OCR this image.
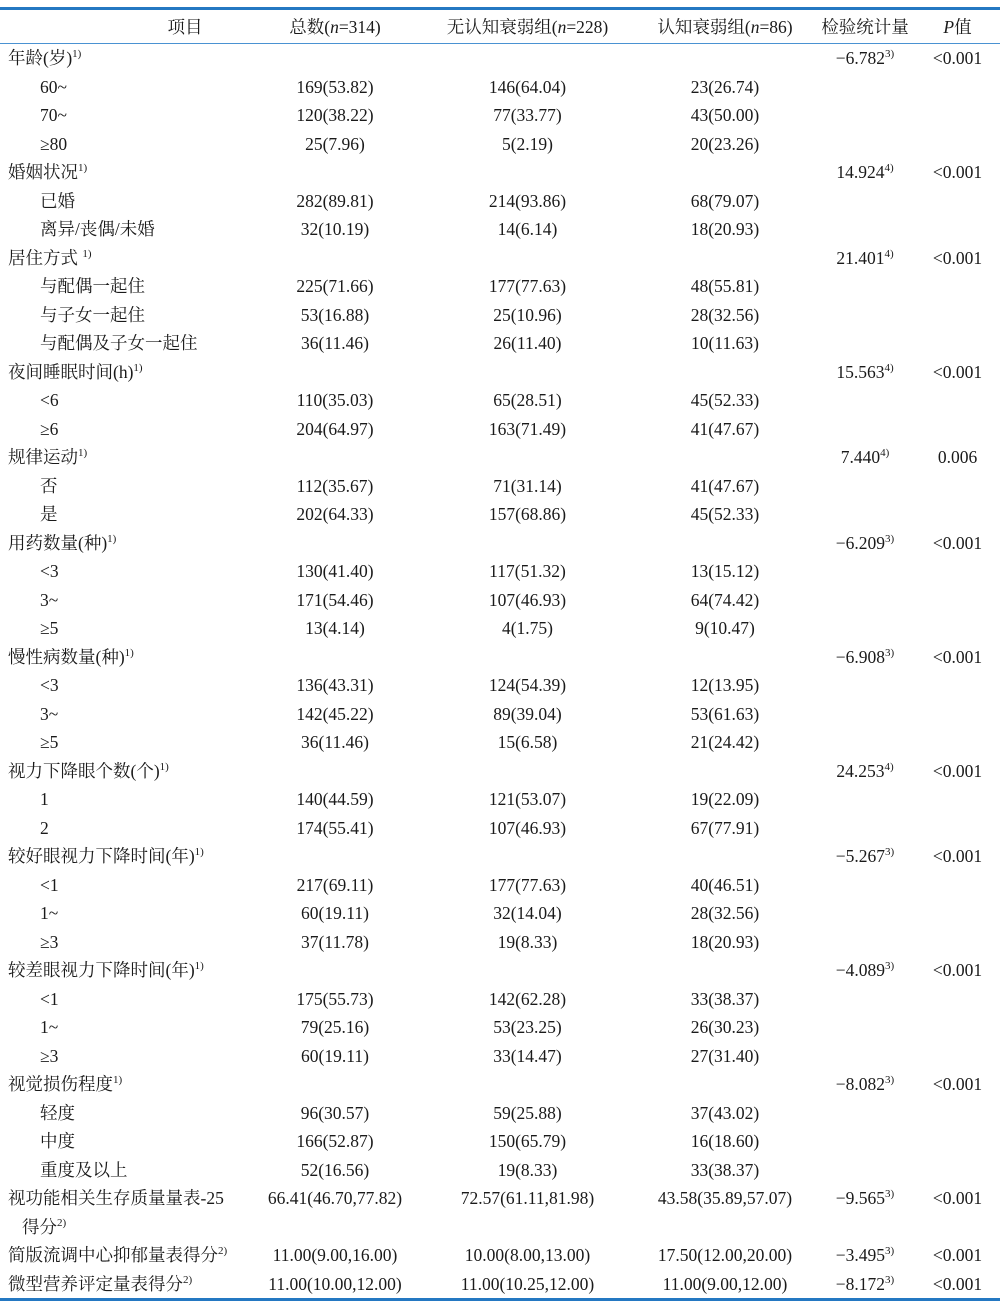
项目	总数(n=314)	无认知衰弱组(n=228)	认知衰弱组(n=86)	检验统计量	P值
年龄(岁)$^{1)}$				$-6.782^{3)}$	<0.001
60~	169(53.82)	146(64.04)	23(26.74)		
70~	120(38.22)	77(33.77)	43(50.00)		
≥80	25(7.96)	5(2.19)	20(23.26)		
婚姻状况$^{1)}$				$14.924^{4)}$	<0.001
已婚	282(89.81)	214(93.86)	68(79.07)		
离异/丧偶/未婚	32(10.19)	14(6.14)	18(20.93)		
居住方式 $^{1)}$				$21.401^{4)}$	<0.001
与配偶一起住	225(71.66)	177(77.63)	48(55.81)		
与子女一起住	53(16.88)	25(10.96)	28(32.56)		
与配偶及子女一起住	36(11.46)	26(11.40)	10(11.63)		
夜间睡眠时间$(h)^{1)}$				$15.563^{4)}$	<0.001
<6	110(35.03)	65(28.51)	45(52.33)		
≥6	204(64.97)	163(71.49)	41(47.67)		
规律运动$^{1)}$				7.440$^{4)}$	0.006
否	112(35.67)	71(31.14)	41(47.67)		
是	202(64.33)	157(68.86)	45(52.33)		
用药数量(种)$^{1)}$				$-6.209^{3)}$	<0.001
<3	130(41.40)	117(51.32)	13(15.12)		
3~	171(54.46)	107(46.93)	64(74.42)		
≥5	13(4.14)	4(1.75)	9(10.47)		
慢性病数量(种)$^{1)}$				$-6.908^{3)}$	<0.001
<3	136(43.31)	124(54.39)	12(13.95)		
3~	142(45.22)	89(39.04)	53(61.63)		
≥5	36(11.46)	15(6.58)	21(24.42)		
视力下降眼个数(个)$^{1)}$				$24.253^{4)}$	<0.001
1	140(44.59)	121(53.07)	19(22.09)		
2	174(55.41)	107(46.93)	67(77.91)		
较好眼视力下降时间(年)$^{1)}$				$-5.267^{3)}$	<0.001
<1	217(69.11)	177(77.63)	40(46.51)		
1~	60(19.11)	32(14.04)	28(32.56)		
≥3	37(11.78)	19(8.33)	18(20.93)		
较差眼视力下降时间(年)$^{1)}$				$-4.089^{3)}$	<0.001
<1	175(55.73)	142(62.28)	33(38.37)		
1~	79(25.16)	53(23.25)	26(30.23)		
≥3	60(19.11)	33(14.47)	27(31.40)		
视觉损伤程度$^{1)}$				$-8.082^{3)}$	<0.001
轻度	96(30.57)	59(25.88)	37(43.02)		
中度	166(52.87)	150(65.79)	16(18.60)		
重度及以上	52(16.56)	19(8.33)	33(38.37)		
视功能相关生存质量量表-25
得分$^{2)}$	66.41(46.70,77.82)	72.57(61.11,81.98)	43.58(35.89,57.07)	$-9.565^{3)}$	<0.001
简版流调中心抑郁量表得分$^{2)}$	11.00(9.00,16.00)	10.00(8.00,13.00)	17.50(12.00,20.00)	$-3.495^{3)}$	<0.001
微型营养评定量表得分$^{2)}$	11.00(10.00,12.00)	11.00(10.25,12.00)	11.00(9.00,12.00)	$-8.172^{3)}$	<0.001
